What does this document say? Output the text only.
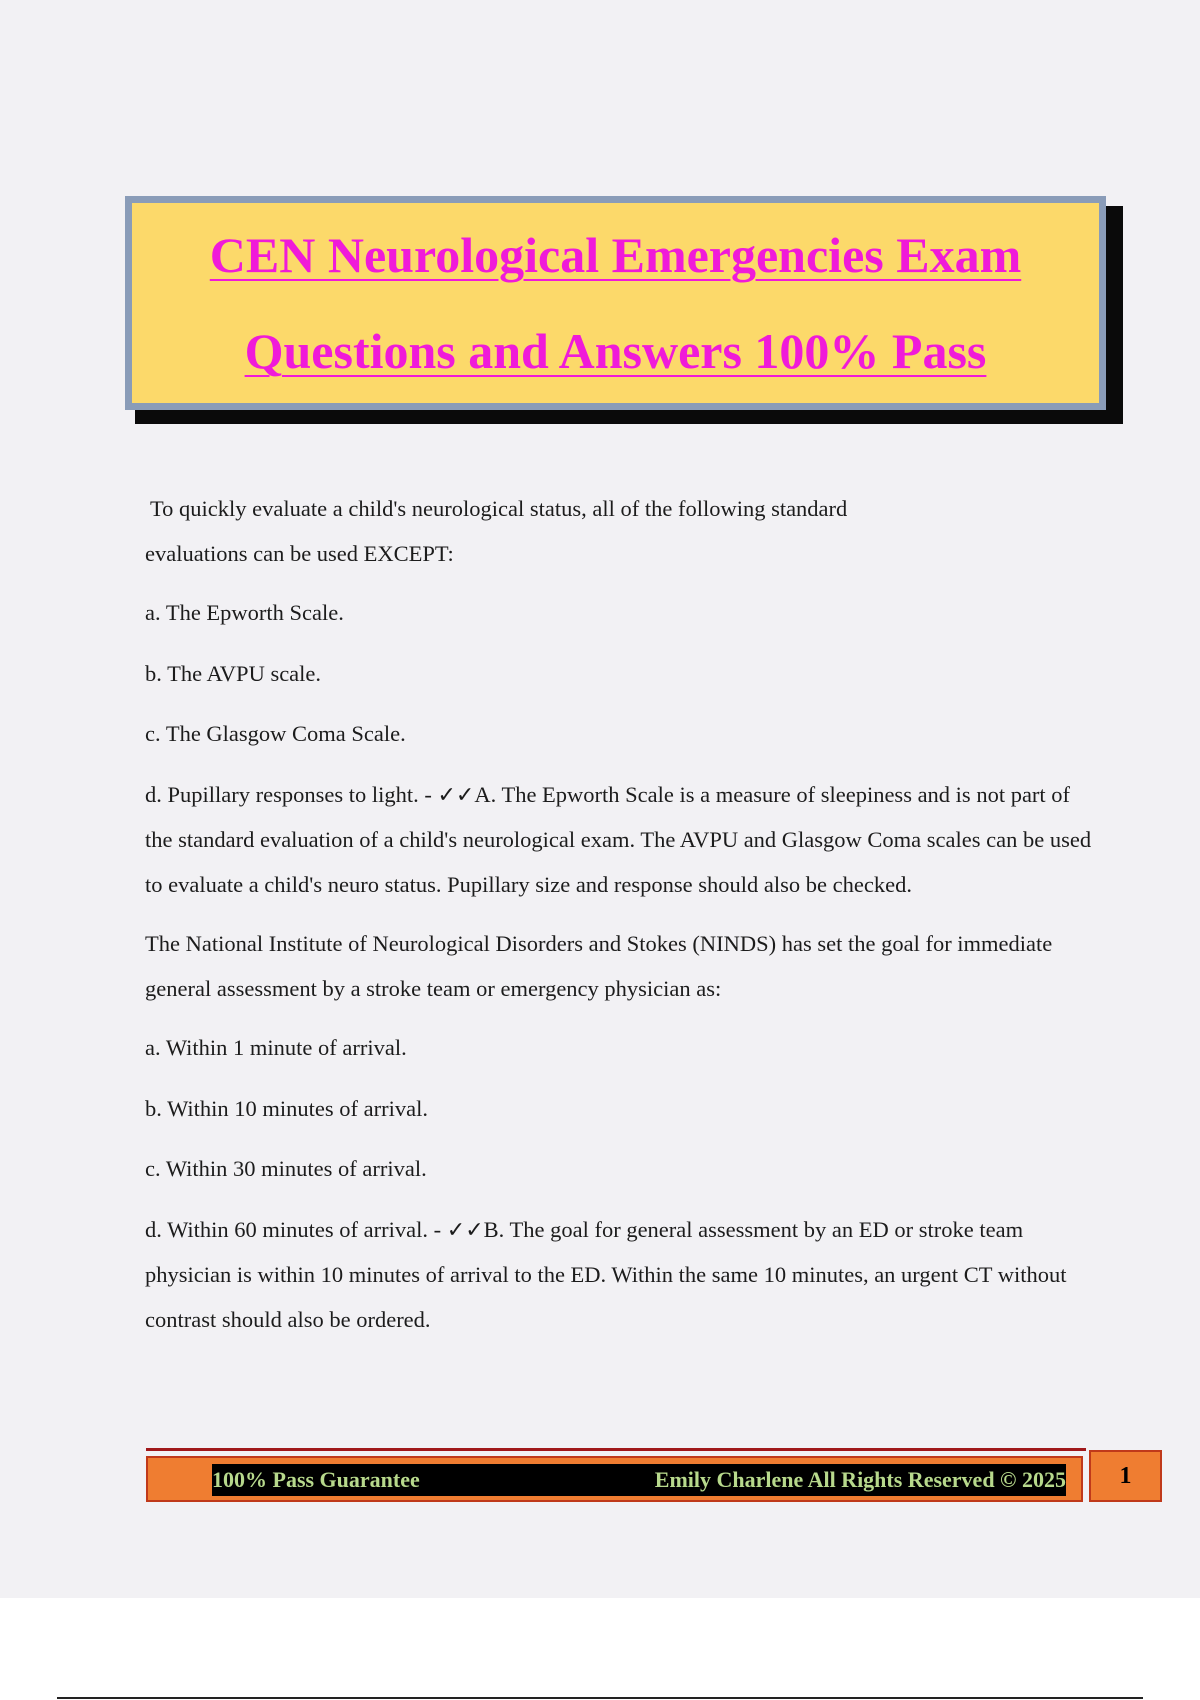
CEN Neurological Emergencies Exam
Questions and Answers 100% Pass

To quickly evaluate a child's neurological status, all of the following standard
evaluations can be used EXCEPT:

a. The Epworth Scale.

b. The AVPU scale.

c. The Glasgow Coma Scale.

d. Pupillary responses to light. - ✓✓A. The Epworth Scale is a measure of sleepiness and is not part of the standard evaluation of a child's neurological exam. The AVPU and Glasgow Coma scales can be used to evaluate a child's neuro status. Pupillary size and response should also be checked.

The National Institute of Neurological Disorders and Stokes (NINDS) has set the goal for immediate general assessment by a stroke team or emergency physician as:

a. Within 1 minute of arrival.

b. Within 10 minutes of arrival.

c. Within 30 minutes of arrival.

d. Within 60 minutes of arrival. - ✓✓B. The goal for general assessment by an ED or stroke team physician is within 10 minutes of arrival to the ED. Within the same 10 minutes, an urgent CT without contrast should also be ordered.

100% Pass Guarantee	Emily Charlene All Rights Reserved © 2025 1
